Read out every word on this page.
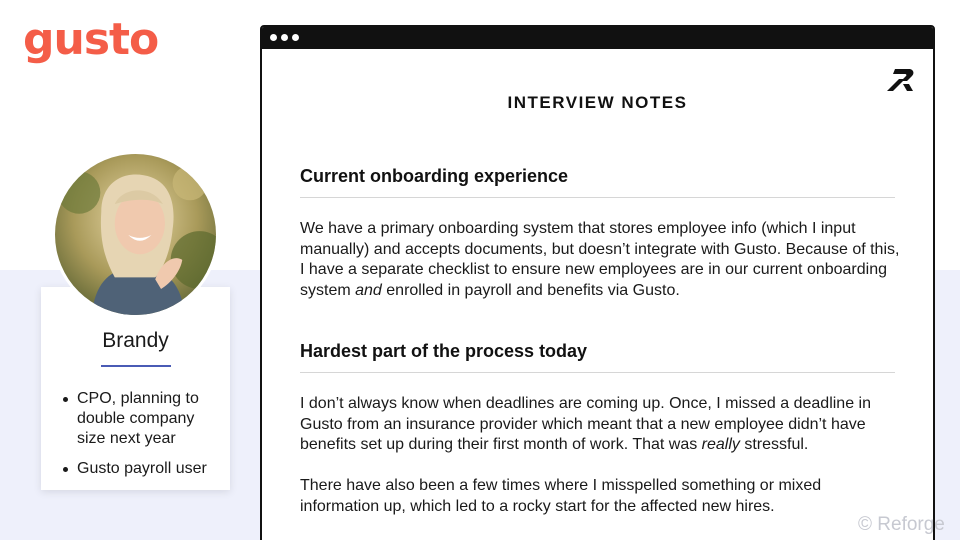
gusto
Brandy
CPO, planning to double company size next year
Gusto payroll user
INTERVIEW NOTES
Current onboarding experience

We have a primary onboarding system that stores employee info (which I input manually) and accepts documents, but doesn’t integrate with Gusto. Because of this, I have a separate checklist to ensure new employees are in our current onboarding system and enrolled in payroll and benefits via Gusto.

Hardest part of the process today

I don’t always know when deadlines are coming up. Once, I missed a deadline in Gusto from an insurance provider which meant that a new employee didn’t have benefits set up during their first month of work. That was really stressful.

There have also been a few times where I misspelled something or mixed information up, which led to a rocky start for the affected new hires.

© Reforge
